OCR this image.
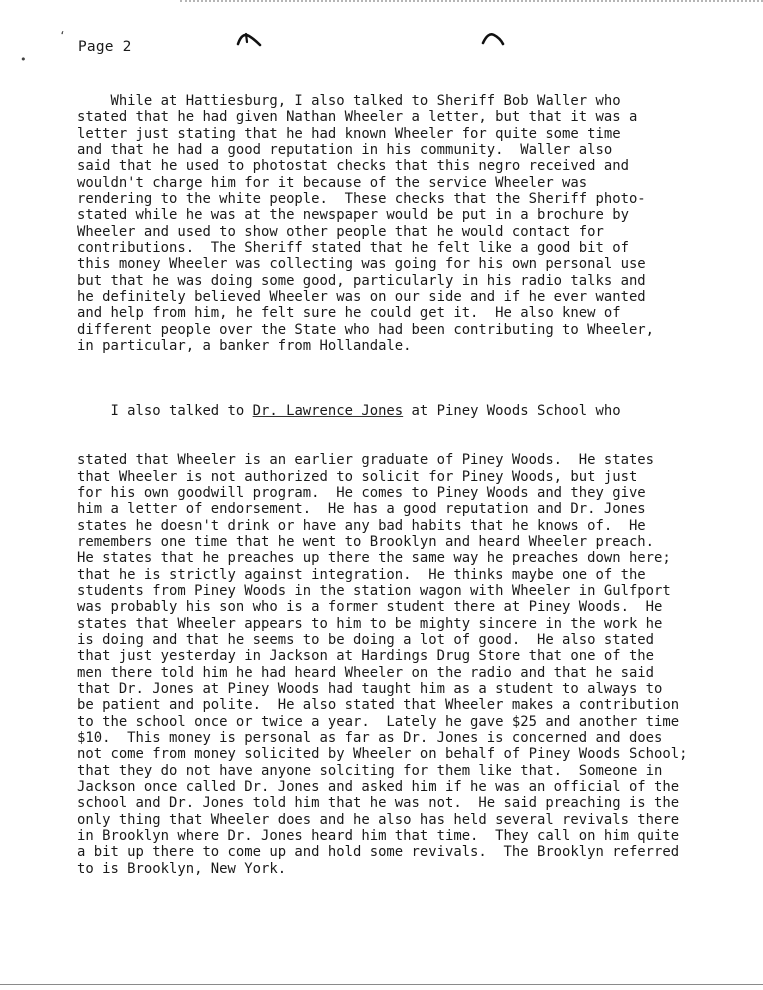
‘
•
Page 2
While at Hattiesburg, I also talked to Sheriff Bob Waller who
stated that he had given Nathan Wheeler a letter, but that it was a
letter just stating that he had known Wheeler for quite some time
and that he had a good reputation in his community.  Waller also
said that he used to photostat checks that this negro received and
wouldn't charge him for it because of the service Wheeler was
rendering to the white people.  These checks that the Sheriff photo-
stated while he was at the newspaper would be put in a brochure by
Wheeler and used to show other people that he would contact for
contributions.  The Sheriff stated that he felt like a good bit of
this money Wheeler was collecting was going for his own personal use
but that he was doing some good, particularly in his radio talks and
he definitely believed Wheeler was on our side and if he ever wanted
and help from him, he felt sure he could get it.  He also knew of
different people over the State who had been contributing to Wheeler,
in particular, a banker from Hollandale.

I also talked to Dr. Lawrence Jones at Piney Woods School who

stated that Wheeler is an earlier graduate of Piney Woods.  He states
that Wheeler is not authorized to solicit for Piney Woods, but just
for his own goodwill program.  He comes to Piney Woods and they give
him a letter of endorsement.  He has a good reputation and Dr. Jones
states he doesn't drink or have any bad habits that he knows of.  He
remembers one time that he went to Brooklyn and heard Wheeler preach.
He states that he preaches up there the same way he preaches down here;
that he is strictly against integration.  He thinks maybe one of the
students from Piney Woods in the station wagon with Wheeler in Gulfport
was probably his son who is a former student there at Piney Woods.  He
states that Wheeler appears to him to be mighty sincere in the work he
is doing and that he seems to be doing a lot of good.  He also stated
that just yesterday in Jackson at Hardings Drug Store that one of the
men there told him he had heard Wheeler on the radio and that he said
that Dr. Jones at Piney Woods had taught him as a student to always to
be patient and polite.  He also stated that Wheeler makes a contribution
to the school once or twice a year.  Lately he gave $25 and another time
$10.  This money is personal as far as Dr. Jones is concerned and does
not come from money solicited by Wheeler on behalf of Piney Woods School;
that they do not have anyone solciting for them like that.  Someone in
Jackson once called Dr. Jones and asked him if he was an official of the
school and Dr. Jones told him that he was not.  He said preaching is the
only thing that Wheeler does and he also has held several revivals there
in Brooklyn where Dr. Jones heard him that time.  They call on him quite
a bit up there to come up and hold some revivals.  The Brooklyn referred
to is Brooklyn, New York.
